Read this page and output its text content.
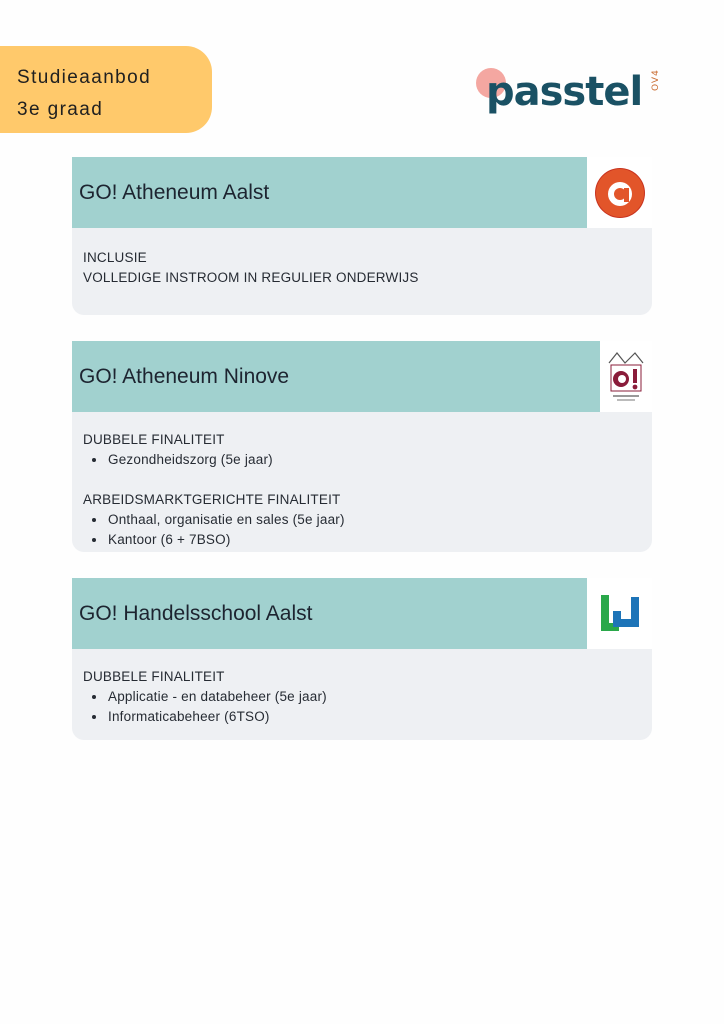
Studieaanbod
3e graad	passtel OV4
GO! Atheneum Aalst
INCLUSIE
VOLLEDIGE INSTROOM IN REGULIER ONDERWIJS
GO! Atheneum Ninove
DUBBELE FINALITEIT
Gezondheidszorg (5e jaar)
ARBEIDSMARKTGERICHTE FINALITEIT
Onthaal, organisatie en sales (5e jaar)
Kantoor (6 + 7BSO)
GO! Handelsschool Aalst
DUBBELE FINALITEIT
Applicatie - en databeheer (5e jaar)
Informaticabeheer (6TSO)
